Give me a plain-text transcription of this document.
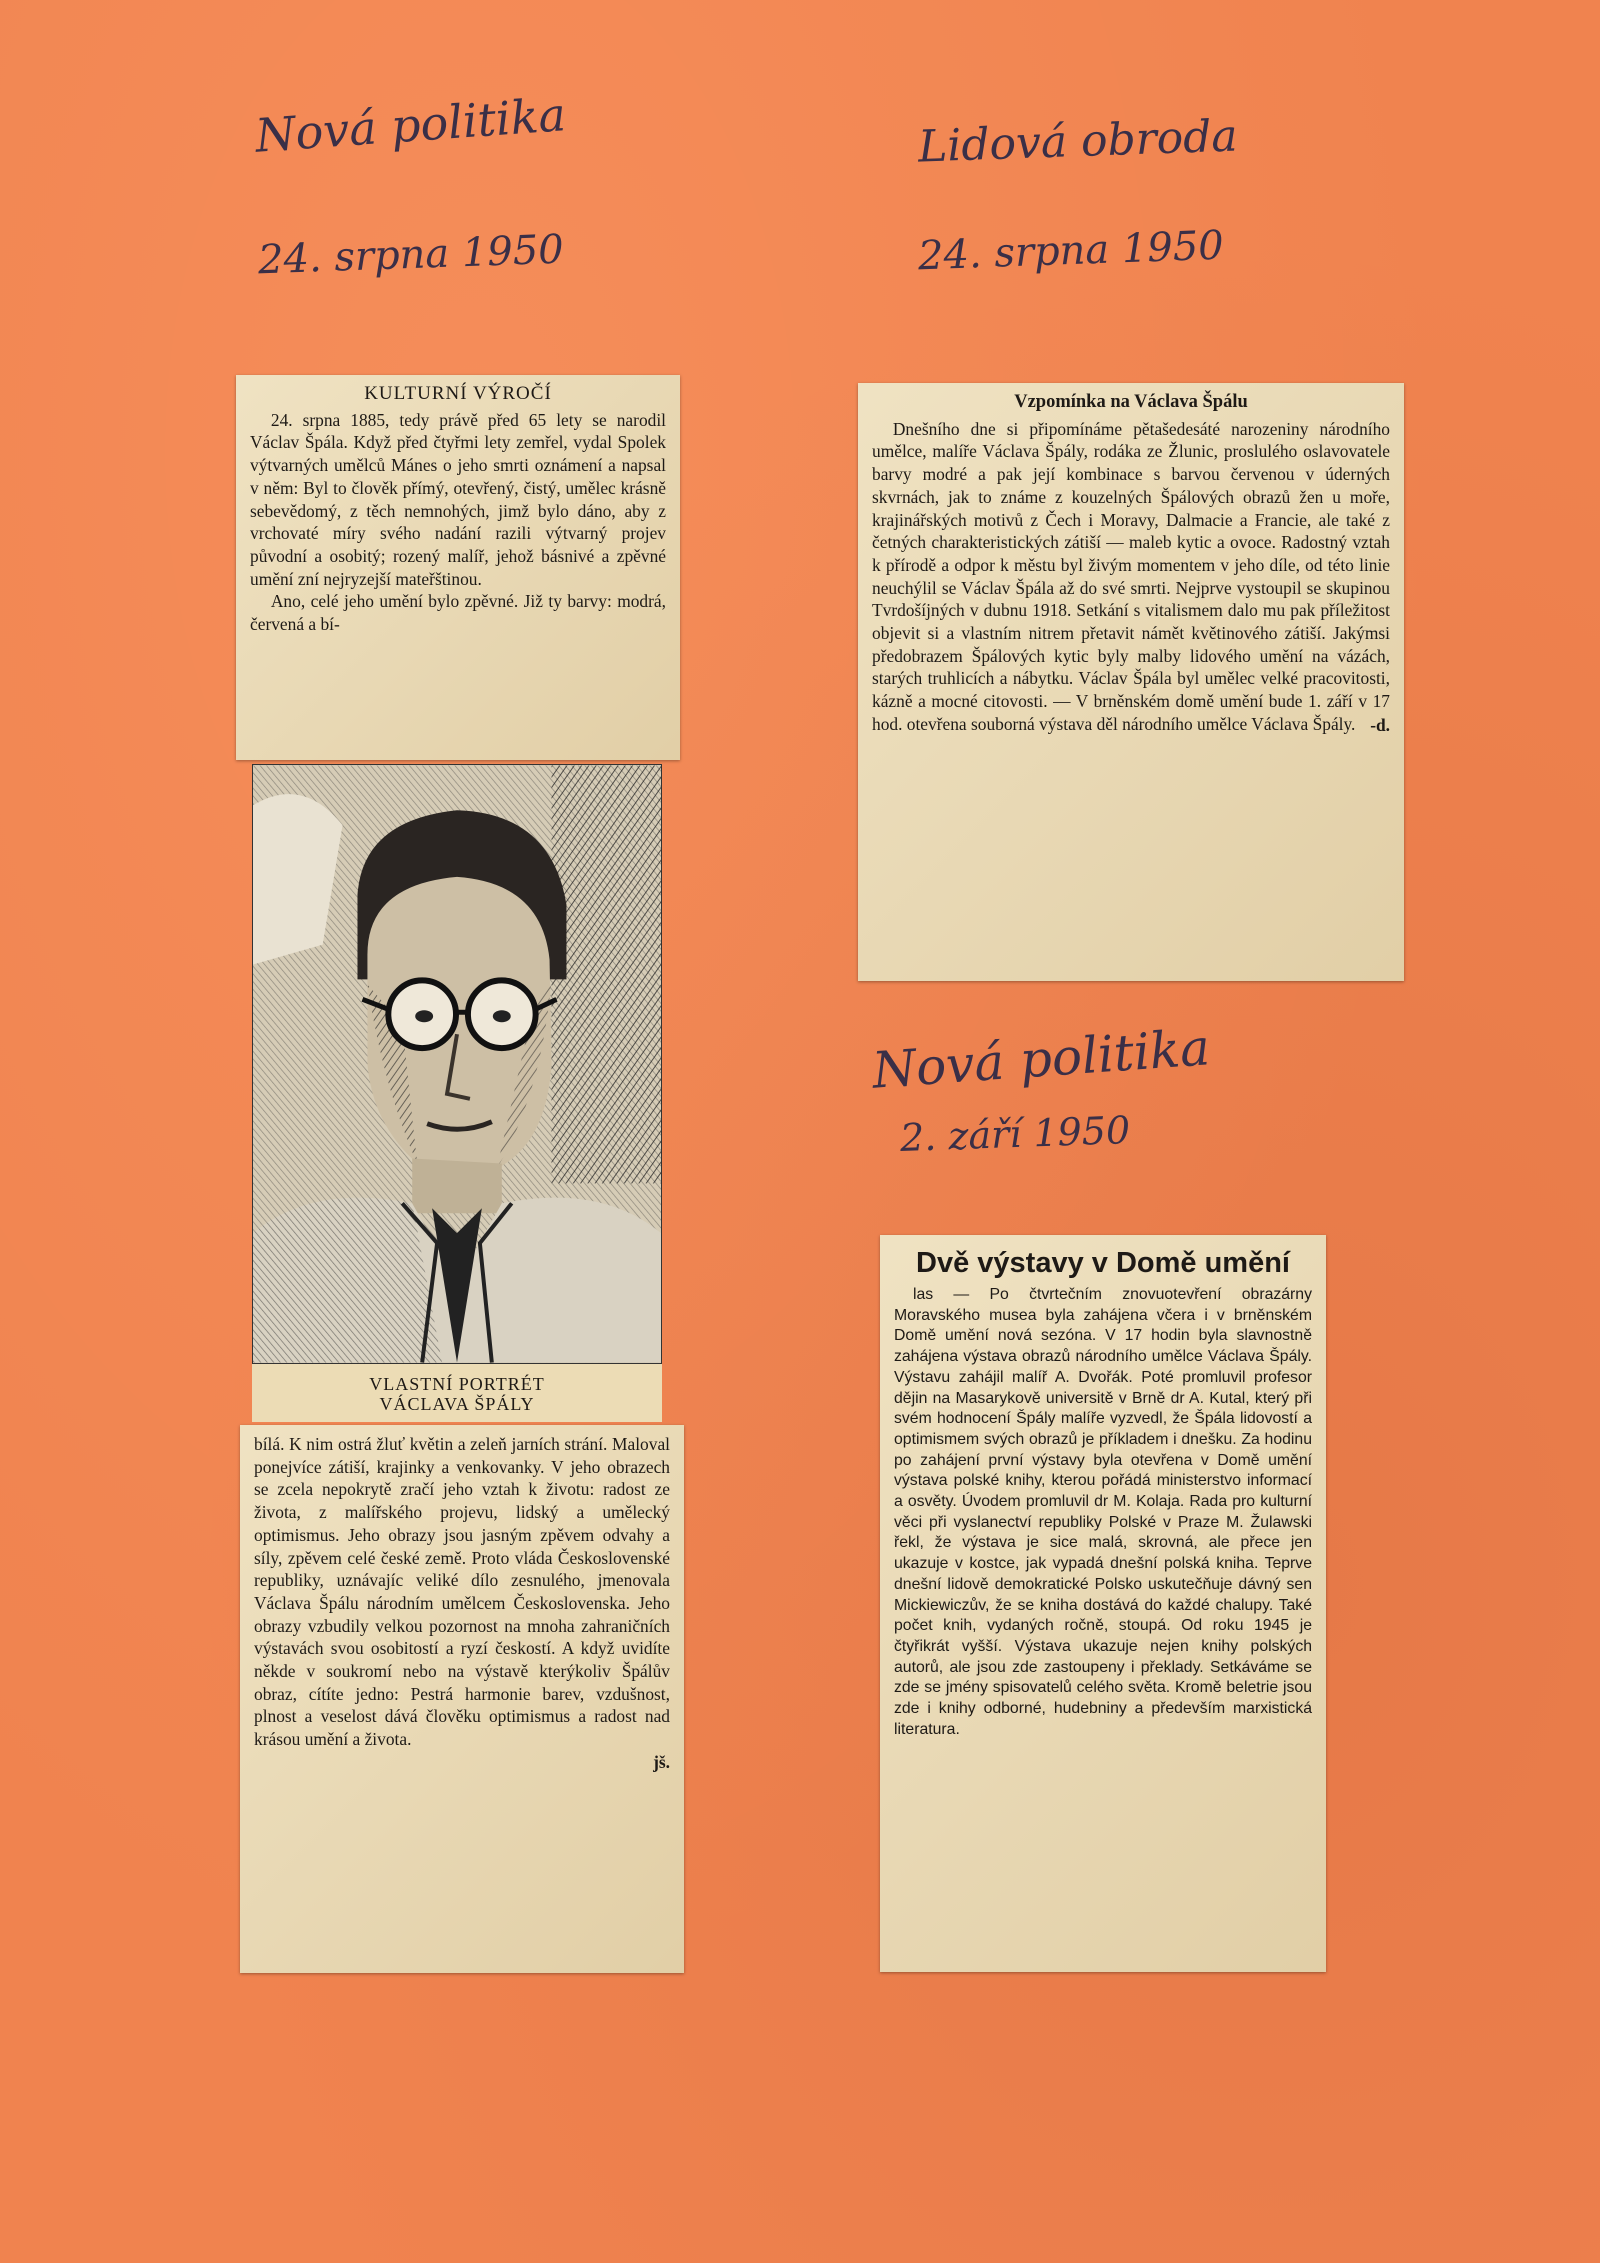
Nová politika
24. srpna 1950
Lidová obroda
24. srpna 1950
Nová politika
2. září 1950
KULTURNÍ VÝROČÍ

24. srpna 1885, tedy právě před 65 lety se narodil Václav Špála. Když před čtyřmi lety zemřel, vydal Spolek výtvarných umělců Mánes o jeho smrti oznámení a napsal v něm: Byl to člověk přímý, otevřený, čistý, umělec krásně sebevědomý, z těch nemnohých, jimž bylo dáno, aby z vrchovaté míry svého nadání razili výtvarný projev původní a osobitý; rozený malíř, jehož básnivé a zpěvné umění zní nejryzejší mateřštinou.

Ano, celé jeho umění bylo zpěvné. Již ty barvy: modrá, červená a bí-

VLASTNÍ PORTRÉT
VÁCLAVA ŠPÁLY

bílá. K nim ostrá žluť květin a zeleň jarních strání. Maloval ponejvíce zátiší, krajinky a venkovanky. V jeho obrazech se zcela nepokrytě zračí jeho vztah k životu: radost ze života, z malířského projevu, lidský a umělecký optimismus. Jeho obrazy jsou jasným zpěvem odvahy a síly, zpěvem celé české země. Proto vláda Československé republiky, uznávajíc veliké dílo zesnulého, jmenovala Václava Špálu národním umělcem Československa. Jeho obrazy vzbudily velkou pozornost na mnoha zahraničních výstavách svou osobitostí a ryzí českostí. A když uvidíte někde v soukromí nebo na výstavě kterýkoliv Špálův obraz, cítíte jedno: Pestrá harmonie barev, vzdušnost, plnost a veselost dává člověku optimismus a radost nad krásou umění a života.

jš.
Vzpomínka na Václava Špálu

Dnešního dne si připomínáme pětašedesáté narozeniny národního umělce, malíře Václava Špály, rodáka ze Žlunic, proslulého oslavovatele barvy modré a pak její kombinace s barvou červenou v úderných skvrnách, jak to známe z kouzelných Špálových obrazů žen u moře, krajinářských motivů z Čech i Moravy, Dalmacie a Francie, ale také z četných charakteristických zátiší — maleb kytic a ovoce. Radostný vztah k přírodě a odpor k městu byl živým momentem v jeho díle, od této linie neuchýlil se Václav Špála až do své smrti. Nejprve vystoupil se skupinou Tvrdošíjných v dubnu 1918. Setkání s vitalismem dalo mu pak příležitost objevit si a vlastním nitrem přetavit námět květinového zátiší. Jakýmsi předobrazem Špálových kytic byly malby lidového umění na vázách, starých truhlicích a nábytku. Václav Špála byl umělec velké pracovitosti, kázně a mocné citovosti. — V brněnském domě umění bude 1. září v 17 hod. otevřena souborná výstava děl národního umělce Václava Špály. -d.
Dvě výstavy v Domě umění

las — Po čtvrtečním znovuotevření obrazárny Moravského musea byla zahájena včera i v brněnském Domě umění nová sezóna. V 17 hodin byla slavnostně zahájena výstava obrazů národního umělce Václava Špály. Výstavu zahájil malíř A. Dvořák. Poté promluvil profesor dějin na Masarykově universitě v Brně dr A. Kutal, který při svém hodnocení Špály malíře vyzvedl, že Špála lidovostí a optimismem svých obrazů je příkladem i dnešku. Za hodinu po zahájení první výstavy byla otevřena v Domě umění výstava polské knihy, kterou pořádá ministerstvo informací a osvěty. Úvodem promluvil dr M. Kolaja. Rada pro kulturní věci při vyslanectví republiky Polské v Praze M. Žulawski řekl, že výstava je sice malá, skrovná, ale přece jen ukazuje v kostce, jak vypadá dnešní polská kniha. Teprve dnešní lidově demokratické Polsko uskutečňuje dávný sen Mickiewiczův, že se kniha dostává do každé chalupy. Také počet knih, vydaných ročně, stoupá. Od roku 1945 je čtyřikrát vyšší. Výstava ukazuje nejen knihy polských autorů, ale jsou zde zastoupeny i překlady. Setkáváme se zde se jmény spisovatelů celého světa. Kromě beletrie jsou zde i knihy odborné, hudebniny a především marxistická literatura.
